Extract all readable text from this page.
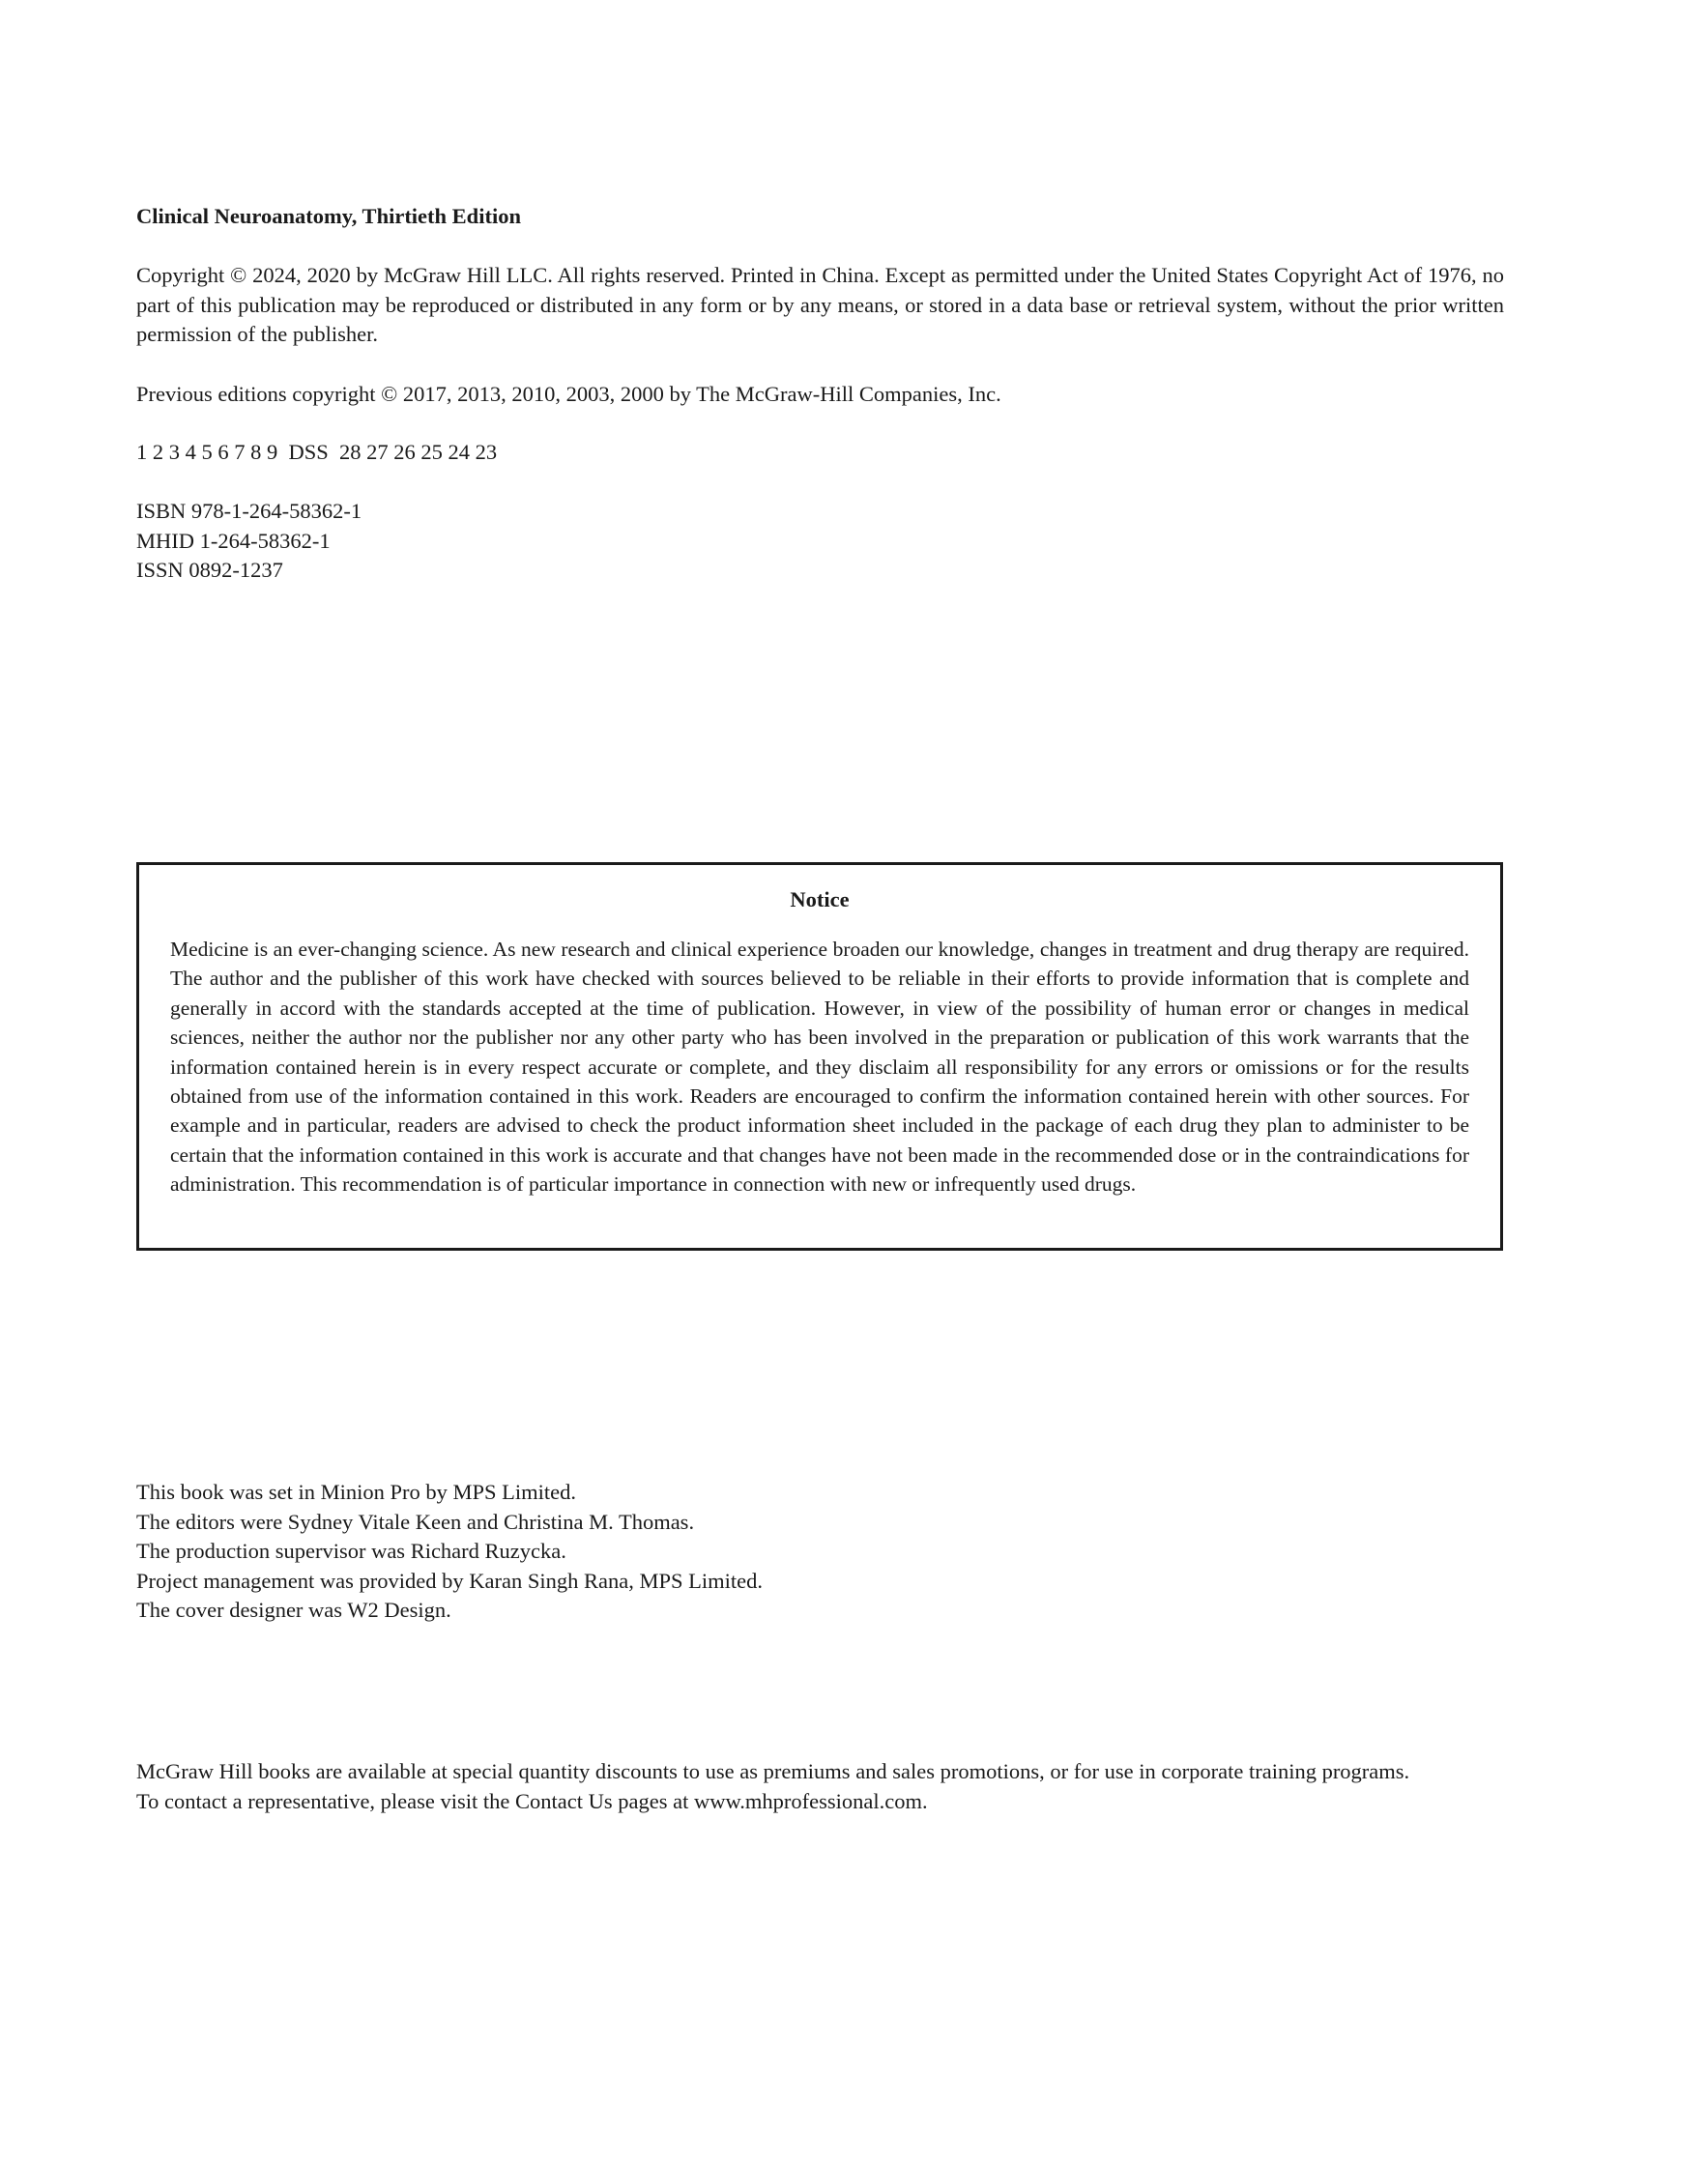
Clinical Neuroanatomy, Thirtieth Edition
Copyright © 2024, 2020 by McGraw Hill LLC. All rights reserved. Printed in China. Except as permitted under the United States Copyright Act of 1976, no part of this publication may be reproduced or distributed in any form or by any means, or stored in a data base or retrieval system, without the prior written permission of the publisher.
Previous editions copyright © 2017, 2013, 2010, 2003, 2000 by The McGraw-Hill Companies, Inc.
1 2 3 4 5 6 7 8 9  DSS  28 27 26 25 24 23
ISBN 978-1-264-58362-1
MHID 1-264-58362-1
ISSN 0892-1237
Notice
Medicine is an ever-changing science. As new research and clinical experience broaden our knowledge, changes in treatment and drug therapy are required. The author and the publisher of this work have checked with sources believed to be reliable in their efforts to provide information that is complete and generally in accord with the standards accepted at the time of publication. However, in view of the possibility of human error or changes in medical sciences, neither the author nor the publisher nor any other party who has been involved in the preparation or publication of this work warrants that the information contained herein is in every respect accurate or complete, and they disclaim all responsibility for any errors or omissions or for the results obtained from use of the information contained in this work. Readers are encouraged to confirm the information contained herein with other sources. For example and in particular, readers are advised to check the product information sheet included in the package of each drug they plan to administer to be certain that the information contained in this work is accurate and that changes have not been made in the recommended dose or in the contraindications for administration. This recommendation is of particular importance in connection with new or infrequently used drugs.
This book was set in Minion Pro by MPS Limited.
The editors were Sydney Vitale Keen and Christina M. Thomas.
The production supervisor was Richard Ruzycka.
Project management was provided by Karan Singh Rana, MPS Limited.
The cover designer was W2 Design.
McGraw Hill books are available at special quantity discounts to use as premiums and sales promotions, or for use in corporate training programs.
To contact a representative, please visit the Contact Us pages at www.mhprofessional.com.
